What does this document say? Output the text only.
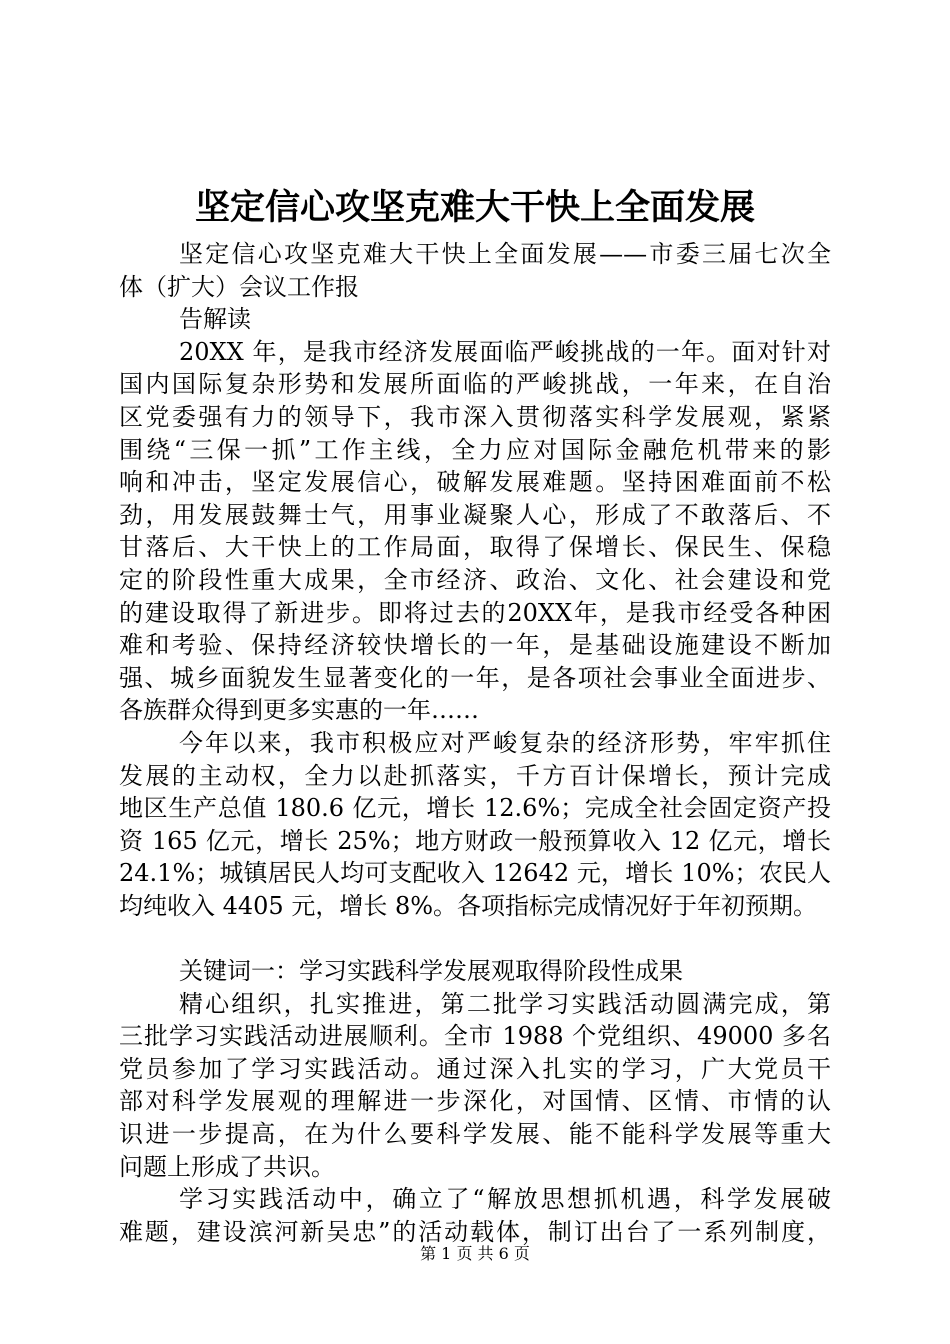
坚定信心攻坚克难大干快上全面发展
坚定信心攻坚克难大干快上全面发展——市委三届七次全
体（扩大）会议工作报
告解读
20XX 年，是我市经济发展面临严峻挑战的一年。面对针对
国内国际复杂形势和发展所面临的严峻挑战，一年来，在自治
区党委强有力的领导下，我市深入贯彻落实科学发展观，紧紧
围绕“三保一抓”工作主线，全力应对国际金融危机带来的影
响和冲击，坚定发展信心，破解发展难题。坚持困难面前不松
劲，用发展鼓舞士气，用事业凝聚人心，形成了不敢落后、不
甘落后、大干快上的工作局面，取得了保增长、保民生、保稳
定的阶段性重大成果，全市经济、政治、文化、社会建设和党
的建设取得了新进步。即将过去的20XX年，是我市经受各种困
难和考验、保持经济较快增长的一年，是基础设施建设不断加
强、城乡面貌发生显著变化的一年，是各项社会事业全面进步、
各族群众得到更多实惠的一年……
今年以来，我市积极应对严峻复杂的经济形势，牢牢抓住
发展的主动权，全力以赴抓落实，千方百计保增长，预计完成
地区生产总值 180.6 亿元，增长 12.6%；完成全社会固定资产投
资 165 亿元，增长 25%；地方财政一般预算收入 12 亿元，增长
24.1%；城镇居民人均可支配收入 12642 元，增长 10%；农民人
均纯收入 4405 元，增长 8%。各项指标完成情况好于年初预期。
关键词一：学习实践科学发展观取得阶段性成果
精心组织，扎实推进，第二批学习实践活动圆满完成，第
三批学习实践活动进展顺利。全市 1988 个党组织、49000 多名
党员参加了学习实践活动。通过深入扎实的学习，广大党员干
部对科学发展观的理解进一步深化，对国情、区情、市情的认
识进一步提高，在为什么要科学发展、能不能科学发展等重大
问题上形成了共识。
学习实践活动中，确立了“解放思想抓机遇，科学发展破
难题，建设滨河新吴忠”的活动载体，制订出台了一系列制度，
第 1 页 共 6 页
